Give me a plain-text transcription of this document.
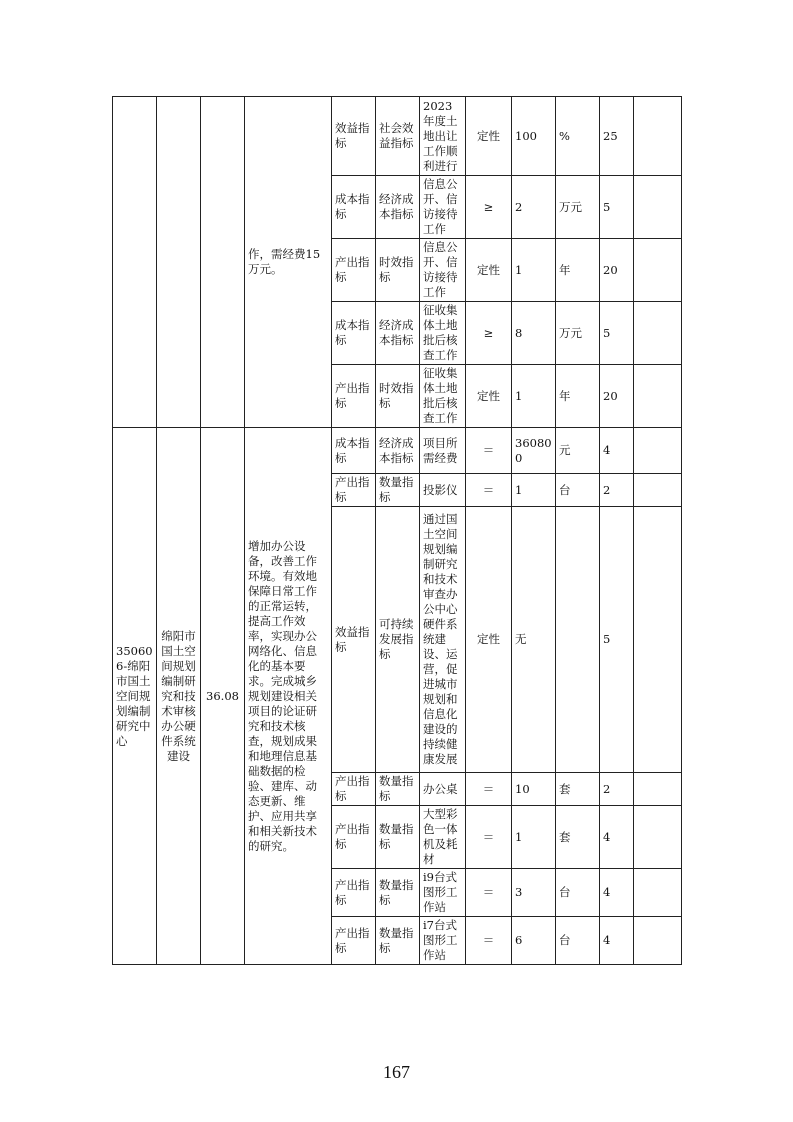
			作，需经费15万元。	效益指标	社会效益指标	2023年度土地出让工作顺利进行	定性	100	%	25	
				成本指标	经济成本指标	信息公开、信访接待工作	≥	2	万元	5	
				产出指标	时效指标	信息公开、信访接待工作	定性	1	年	20	
				成本指标	经济成本指标	征收集体土地批后核查工作	≥	8	万元	5	
				产出指标	时效指标	征收集体土地批后核查工作	定性	1	年	20	
350606-绵阳市国土空间规划编制研究中心	绵阳市国土空间规划编制研究和技术审核办公硬件系统建设	36.08	增加办公设备，改善工作环境。有效地保障日常工作的正常运转，提高工作效率，实现办公网络化、信息化的基本要求。完成城乡规划建设相关项目的论证研究和技术核查，规划成果和地理信息基础数据的检验、建库、动态更新、维护、应用共享和相关新技术的研究。	成本指标	经济成本指标	项目所需经费	＝	360800	元	4	
				产出指标	数量指标	投影仪	＝	1	台	2	
				效益指标	可持续发展指标	通过国土空间规划编制研究和技术审查办公中心硬件系统建设、运营，促进城市规划和信息化建设的持续健康发展	定性	无		5	
				产出指标	数量指标	办公桌	＝	10	套	2	
				产出指标	数量指标	大型彩色一体机及耗材	＝	1	套	4	
				产出指标	数量指标	i9台式图形工作站	＝	3	台	4	
				产出指标	数量指标	i7台式图形工作站	＝	6	台	4	
167
